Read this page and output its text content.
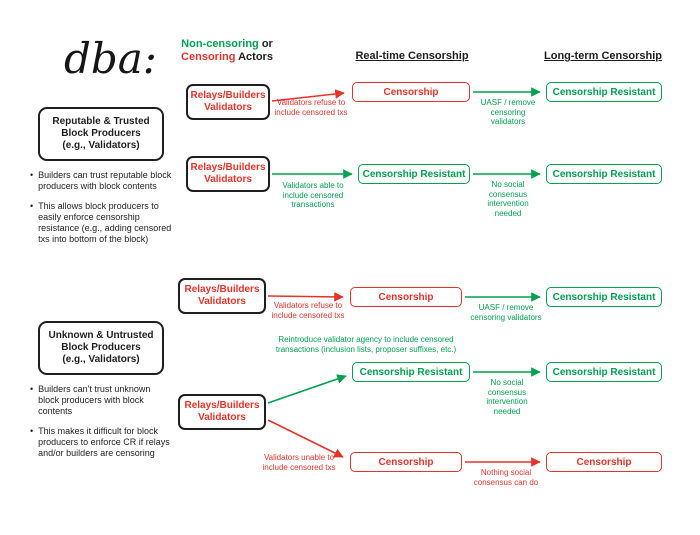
dba:	Non-censoring or
Censoring Actors	Real-time Censorship	Long-term Censorship
Reputable & Trusted
Block Producers
(e.g., Validators)
• Builders can trust reputable block producers with block contents
• This allows block producers to easily enforce censorship resistance (e.g., adding censored txs into bottom of the block)
Relays/Builders
Validators	Validators refuse to include censored txs
Censorship
UASF / remove censoring validators
Censorship Resistant
Relays/Builders
Validators
Validators able to include censored transactions
Censorship Resistant
No social consensus intervention needed
Censorship Resistant
Unknown & Untrusted
Block Producers
(e.g., Validators)
• Builders can't trust unknown block producers with block contents
• This makes it difficult for block producers to enforce CR if relays and/or builders are censoring
Relays/Builders
Validators	Validators refuse to include censored txs
Censorship
UASF / remove censoring validators
Censorship Resistant
Relays/Builders
Validators
Reintroduce validator agency to include censored transactions (inclusion lists, proposer suffixes, etc.)
Censorship Resistant
No social consensus intervention needed
Censorship Resistant
Validators unable to include censored txs	Censorship
Nothing social consensus can do
Censorship
